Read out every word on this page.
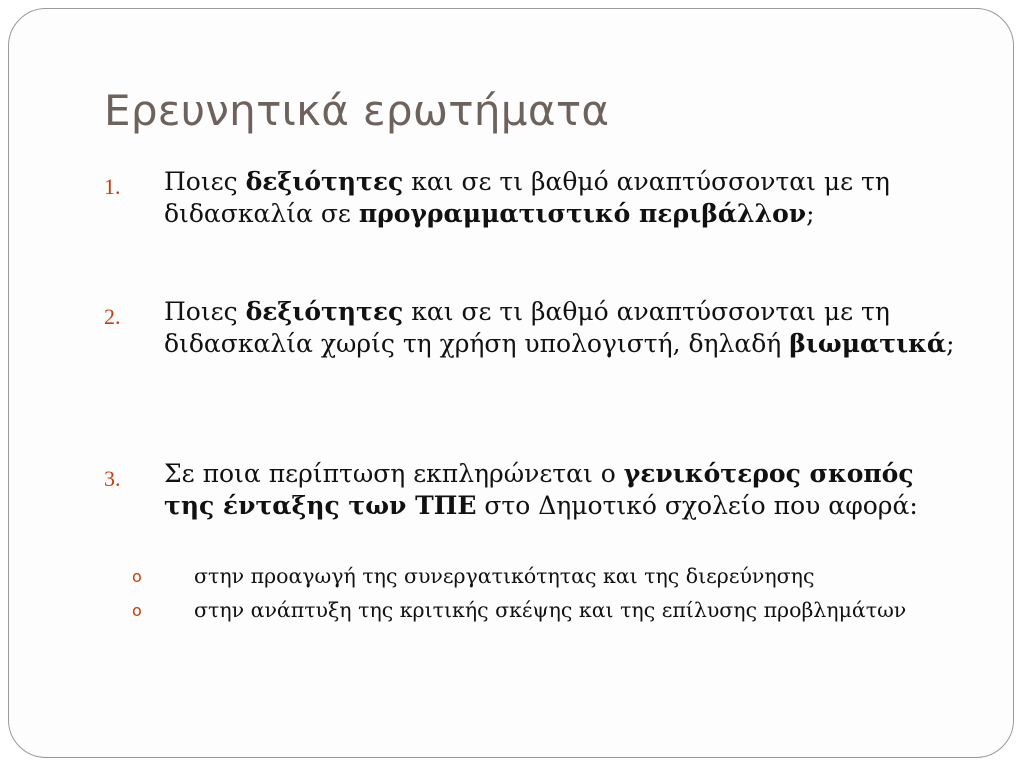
Ερευνητικά ερωτήματα
1. Ποιες δεξιότητες και σε τι βαθμό αναπτύσσονται με τη διδασκαλία σε προγραμματιστικό περιβάλλον;
2. Ποιες δεξιότητες και σε τι βαθμό αναπτύσσονται με τη διδασκαλία χωρίς τη χρήση υπολογιστή, δηλαδή βιωματικά;
3. Σε ποια περίπτωση εκπληρώνεται ο γενικότερος σκοπός της ένταξης των ΤΠΕ στο Δημοτικό σχολείο που αφορά:
o	στην προαγωγή της συνεργατικότητας και της διερεύνησης
o	στην ανάπτυξη της κριτικής σκέψης και της επίλυσης προβλημάτων
